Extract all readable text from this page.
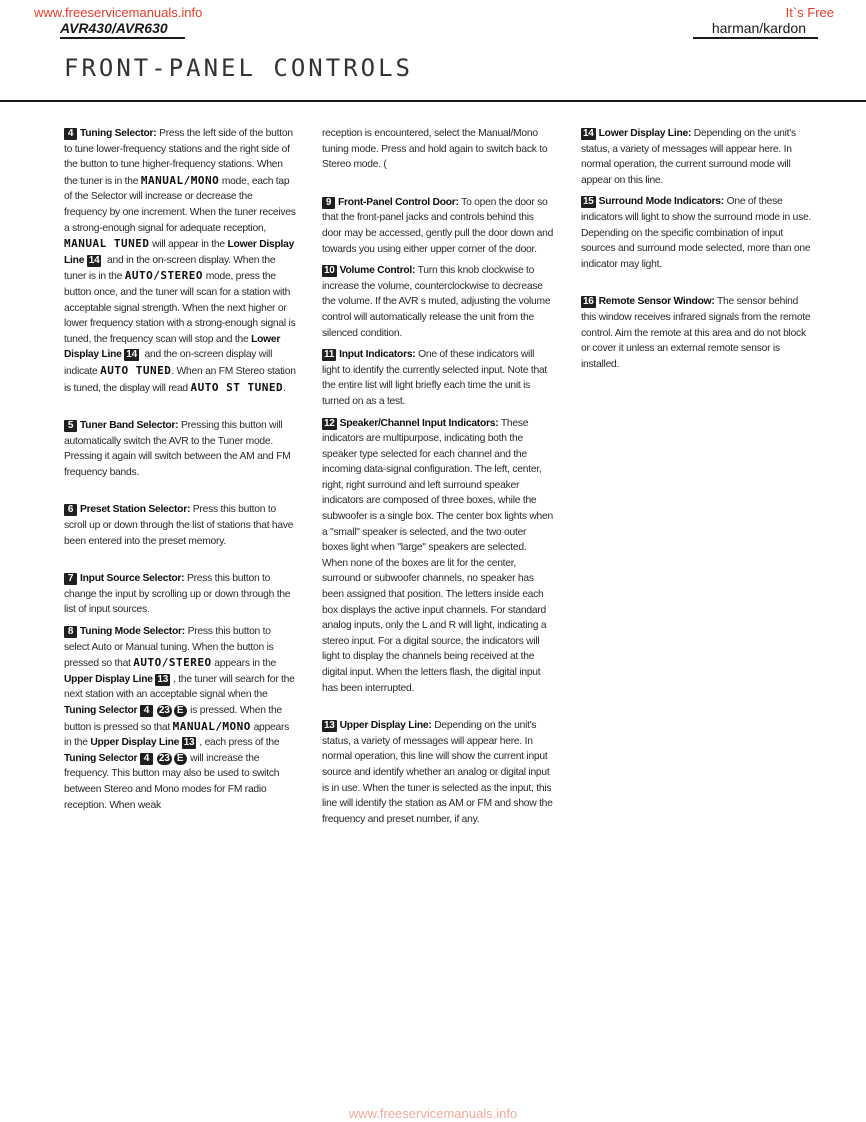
www.freeservicemanuals.info	It`s Free
AVR430/AVR630	harman/kardon
FRONT-PANEL CONTROLS

4 Tuning Selector: Press the left side of the button to tune lower-frequency stations and the right side of the button to tune higher-frequency stations. When the tuner is in the MANUAL/MONO mode, each tap of the Selector will increase or decrease the frequency by one increment. When the tuner receives a strong-enough signal for adequate reception, MANUAL TUNED will appear in the Lower Display Line 14 and in the on-screen display. When the tuner is in the AUTO/STEREO mode, press the button once, and the tuner will scan for a station with acceptable signal strength. When the next higher or lower frequency station with a strong-enough signal is tuned, the frequency scan will stop and the Lower Display Line 14 and the on-screen display will indicate AUTO TUNED. When an FM Stereo station is tuned, the display will read AUTO ST TUNED.

5 Tuner Band Selector: Pressing this button will automatically switch the AVR to the Tuner mode. Pressing it again will switch between the AM and FM frequency bands.

6 Preset Station Selector: Press this button to scroll up or down through the list of stations that have been entered into the preset memory.

7 Input Source Selector: Press this button to change the input by scrolling up or down through the list of input sources.

8 Tuning Mode Selector: Press this button to select Auto or Manual tuning. When the button is pressed so that AUTO/STEREO appears in the Upper Display Line 13 , the tuner will search for the next station with an acceptable signal when the Tuning Selector 4 23 E is pressed. When the button is pressed so that MANUAL/MONO appears in the Upper Display Line 13 , each press of the Tuning Selector 4 23 E will increase the frequency. This button may also be used to switch between Stereo and Mono modes for FM radio reception. When weak

reception is encountered, select the Manual/Mono tuning mode. Press and hold again to switch back to Stereo mode. (

9 Front-Panel Control Door: To open the door so that the front-panel jacks and controls behind this door may be accessed, gently pull the door down and towards you using either upper corner of the door.

10 Volume Control: Turn this knob clockwise to increase the volume, counterclockwise to decrease the volume. If the AVR s muted, adjusting the volume control will automatically release the unit from the silenced condition.

11 Input Indicators: One of these indicators will light to identify the currently selected input. Note that the entire list will light briefly each time the unit is turned on as a test.

12 Speaker/Channel Input Indicators: These indicators are multipurpose, indicating both the speaker type selected for each channel and the incoming data-signal configuration. The left, center, right, right surround and left surround speaker indicators are composed of three boxes, while the subwoofer is a single box. The center box lights when a "small" speaker is selected, and the two outer boxes light when "large" speakers are selected. When none of the boxes are lit for the center, surround or subwoofer channels, no speaker has been assigned that position. The letters inside each box displays the active input channels. For standard analog inputs, only the L and R will light, indicating a stereo input. For a digital source, the indicators will light to display the channels being received at the digital input. When the letters flash, the digital input has been interrupted.

13 Upper Display Line: Depending on the unit's status, a variety of messages will appear here. In normal operation, this line will show the current input source and identify whether an analog or digital input is in use. When the tuner is selected as the input, this line will identify the station as AM or FM and show the frequency and preset number, if any.

14 Lower Display Line: Depending on the unit's status, a variety of messages will appear here. In normal operation, the current surround mode will appear on this line.

15 Surround Mode Indicators: One of these indicators will light to show the surround mode in use. Depending on the specific combination of input sources and surround mode selected, more than one indicator may light.

16 Remote Sensor Window: The sensor behind this window receives infrared signals from the remote control. Aim the remote at this area and do not block or cover it unless an external remote sensor is installed.

www.freeservicemanuals.info
